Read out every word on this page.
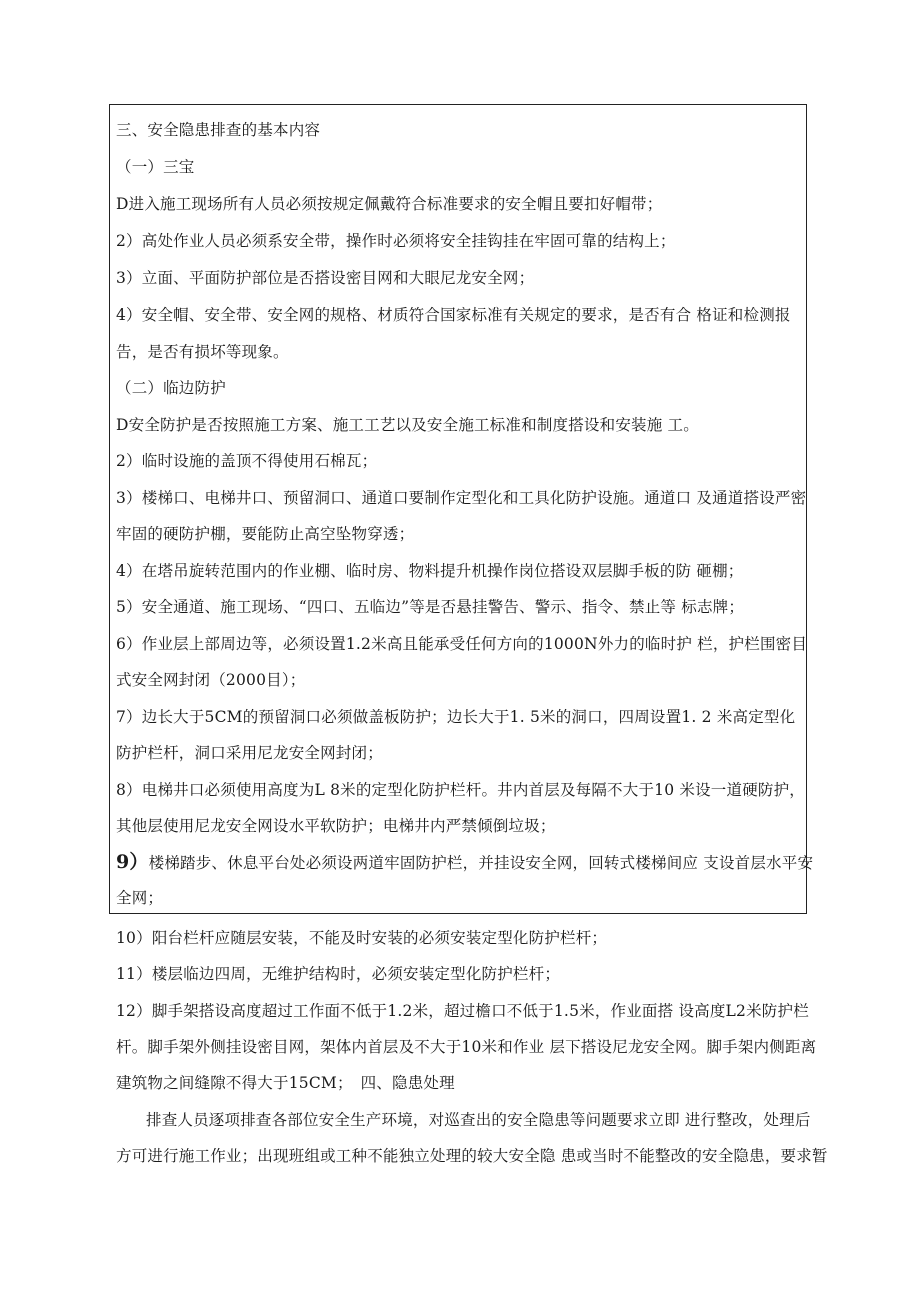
三、安全隐患排查的基本内容
（一）三宝
D进入施工现场所有人员必须按规定佩戴符合标准要求的安全帽且要扣好帽带；
2）高处作业人员必须系安全带，操作时必须将安全挂钩挂在牢固可靠的结构上；
3）立面、平面防护部位是否搭设密目网和大眼尼龙安全网；
4）安全帽、安全带、安全网的规格、材质符合国家标准有关规定的要求，是否有合 格证和检测报
告，是否有损坏等现象。
（二）临边防护
D安全防护是否按照施工方案、施工工艺以及安全施工标准和制度搭设和安装施 工。
2）临时设施的盖顶不得使用石棉瓦；
3）楼梯口、电梯井口、预留洞口、通道口要制作定型化和工具化防护设施。通道口 及通道搭设严密
牢固的硬防护棚，要能防止高空坠物穿透；
4）在塔吊旋转范围内的作业棚、临时房、物料提升机操作岗位搭设双层脚手板的防 砸棚；
5）安全通道、施工现场、“四口、五临边”等是否悬挂警告、警示、指令、禁止等 标志牌；
6）作业层上部周边等，必须设置1.2米高且能承受任何方向的1000N外力的临时护 栏，护栏围密目
式安全网封闭（2000目）；
7）边长大于5CM的预留洞口必须做盖板防护；边长大于1. 5米的洞口，四周设置1. 2 米高定型化
防护栏杆，洞口采用尼龙安全网封闭；
8）电梯井口必须使用高度为L 8米的定型化防护栏杆。井内首层及每隔不大于10 米设一道硬防护，
其他层使用尼龙安全网设水平软防护；电梯井内严禁倾倒垃圾；
9）楼梯踏步、休息平台处必须设两道牢固防护栏，并挂设安全网，回转式楼梯间应 支设首层水平安
全网；
10）阳台栏杆应随层安装，不能及时安装的必须安装定型化防护栏杆；
11）楼层临边四周，无维护结构时，必须安装定型化防护栏杆；
12）脚手架搭设高度超过工作面不低于1.2米，超过檐口不低于1.5米，作业面搭 设高度L2米防护栏
杆。脚手架外侧挂设密目网，架体内首层及不大于10米和作业 层下搭设尼龙安全网。脚手架内侧距离
建筑物之间缝隙不得大于15CM；　四、隐患处理
排查人员逐项排查各部位安全生产环境，对巡查出的安全隐患等问题要求立即 进行整改，处理后
方可进行施工作业；出现班组或工种不能独立处理的较大安全隐 患或当时不能整改的安全隐患，要求暂
